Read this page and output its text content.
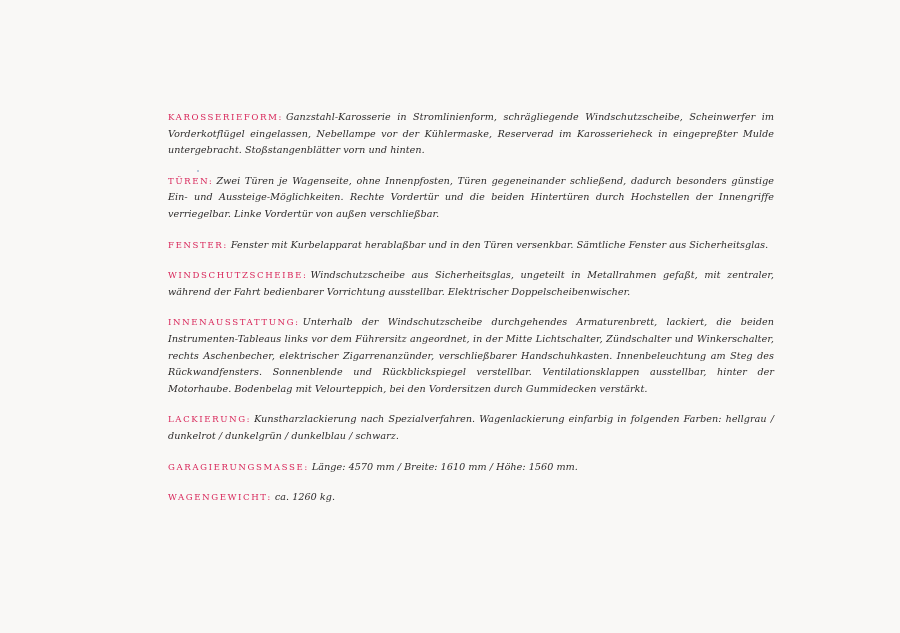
KAROSSERIEFORM: Ganzstahl-Karosserie in Stromlinienform, schrägliegende Windschutzscheibe, Scheinwerfer im Vorderkotflügel eingelassen, Nebellampe vor der Kühlermaske, Reserverad im Karosserieheck in eingepreßter Mulde untergebracht. Stoßstangenblätter vorn und hinten.

TÜREN: Zwei Türen je Wagenseite, ohne Innenpfosten, Türen gegeneinander schließend, dadurch besonders günstige Ein- und Aussteige-Möglichkeiten. Rechte Vordertür und die beiden Hintertüren durch Hochstellen der Innengriffe verriegelbar. Linke Vordertür von außen verschließbar.

FENSTER: Fenster mit Kurbelapparat herablaßbar und in den Türen versenkbar. Sämtliche Fenster aus Sicherheitsglas.

WINDSCHUTZSCHEIBE: Windschutzscheibe aus Sicherheitsglas, ungeteilt in Metallrahmen gefaßt, mit zentraler, während der Fahrt bedienbarer Vorrichtung ausstellbar. Elektrischer Doppelscheibenwischer.

INNENAUSSTATTUNG: Unterhalb der Windschutzscheibe durchgehendes Armaturenbrett, lackiert, die beiden Instrumenten-Tableaus links vor dem Führersitz angeordnet, in der Mitte Lichtschalter, Zündschalter und Winkerschalter, rechts Aschenbecher, elektrischer Zigarrenanzünder, verschließbarer Handschuhkasten. Innenbeleuchtung am Steg des Rückwandfensters. Sonnenblende und Rückblickspiegel verstellbar. Ventilationsklappen ausstellbar, hinter der Motorhaube. Bodenbelag mit Velourteppich, bei den Vordersitzen durch Gummidecken verstärkt.

LACKIERUNG: Kunstharzlackierung nach Spezialverfahren. Wagenlackierung einfarbig in folgenden Farben: hellgrau / dunkelrot / dunkelgrün / dunkelblau / schwarz.

GARAGIERUNGSMASSE: Länge: 4570 mm / Breite: 1610 mm / Höhe: 1560 mm.

WAGENGEWICHT: ca. 1260 kg.
